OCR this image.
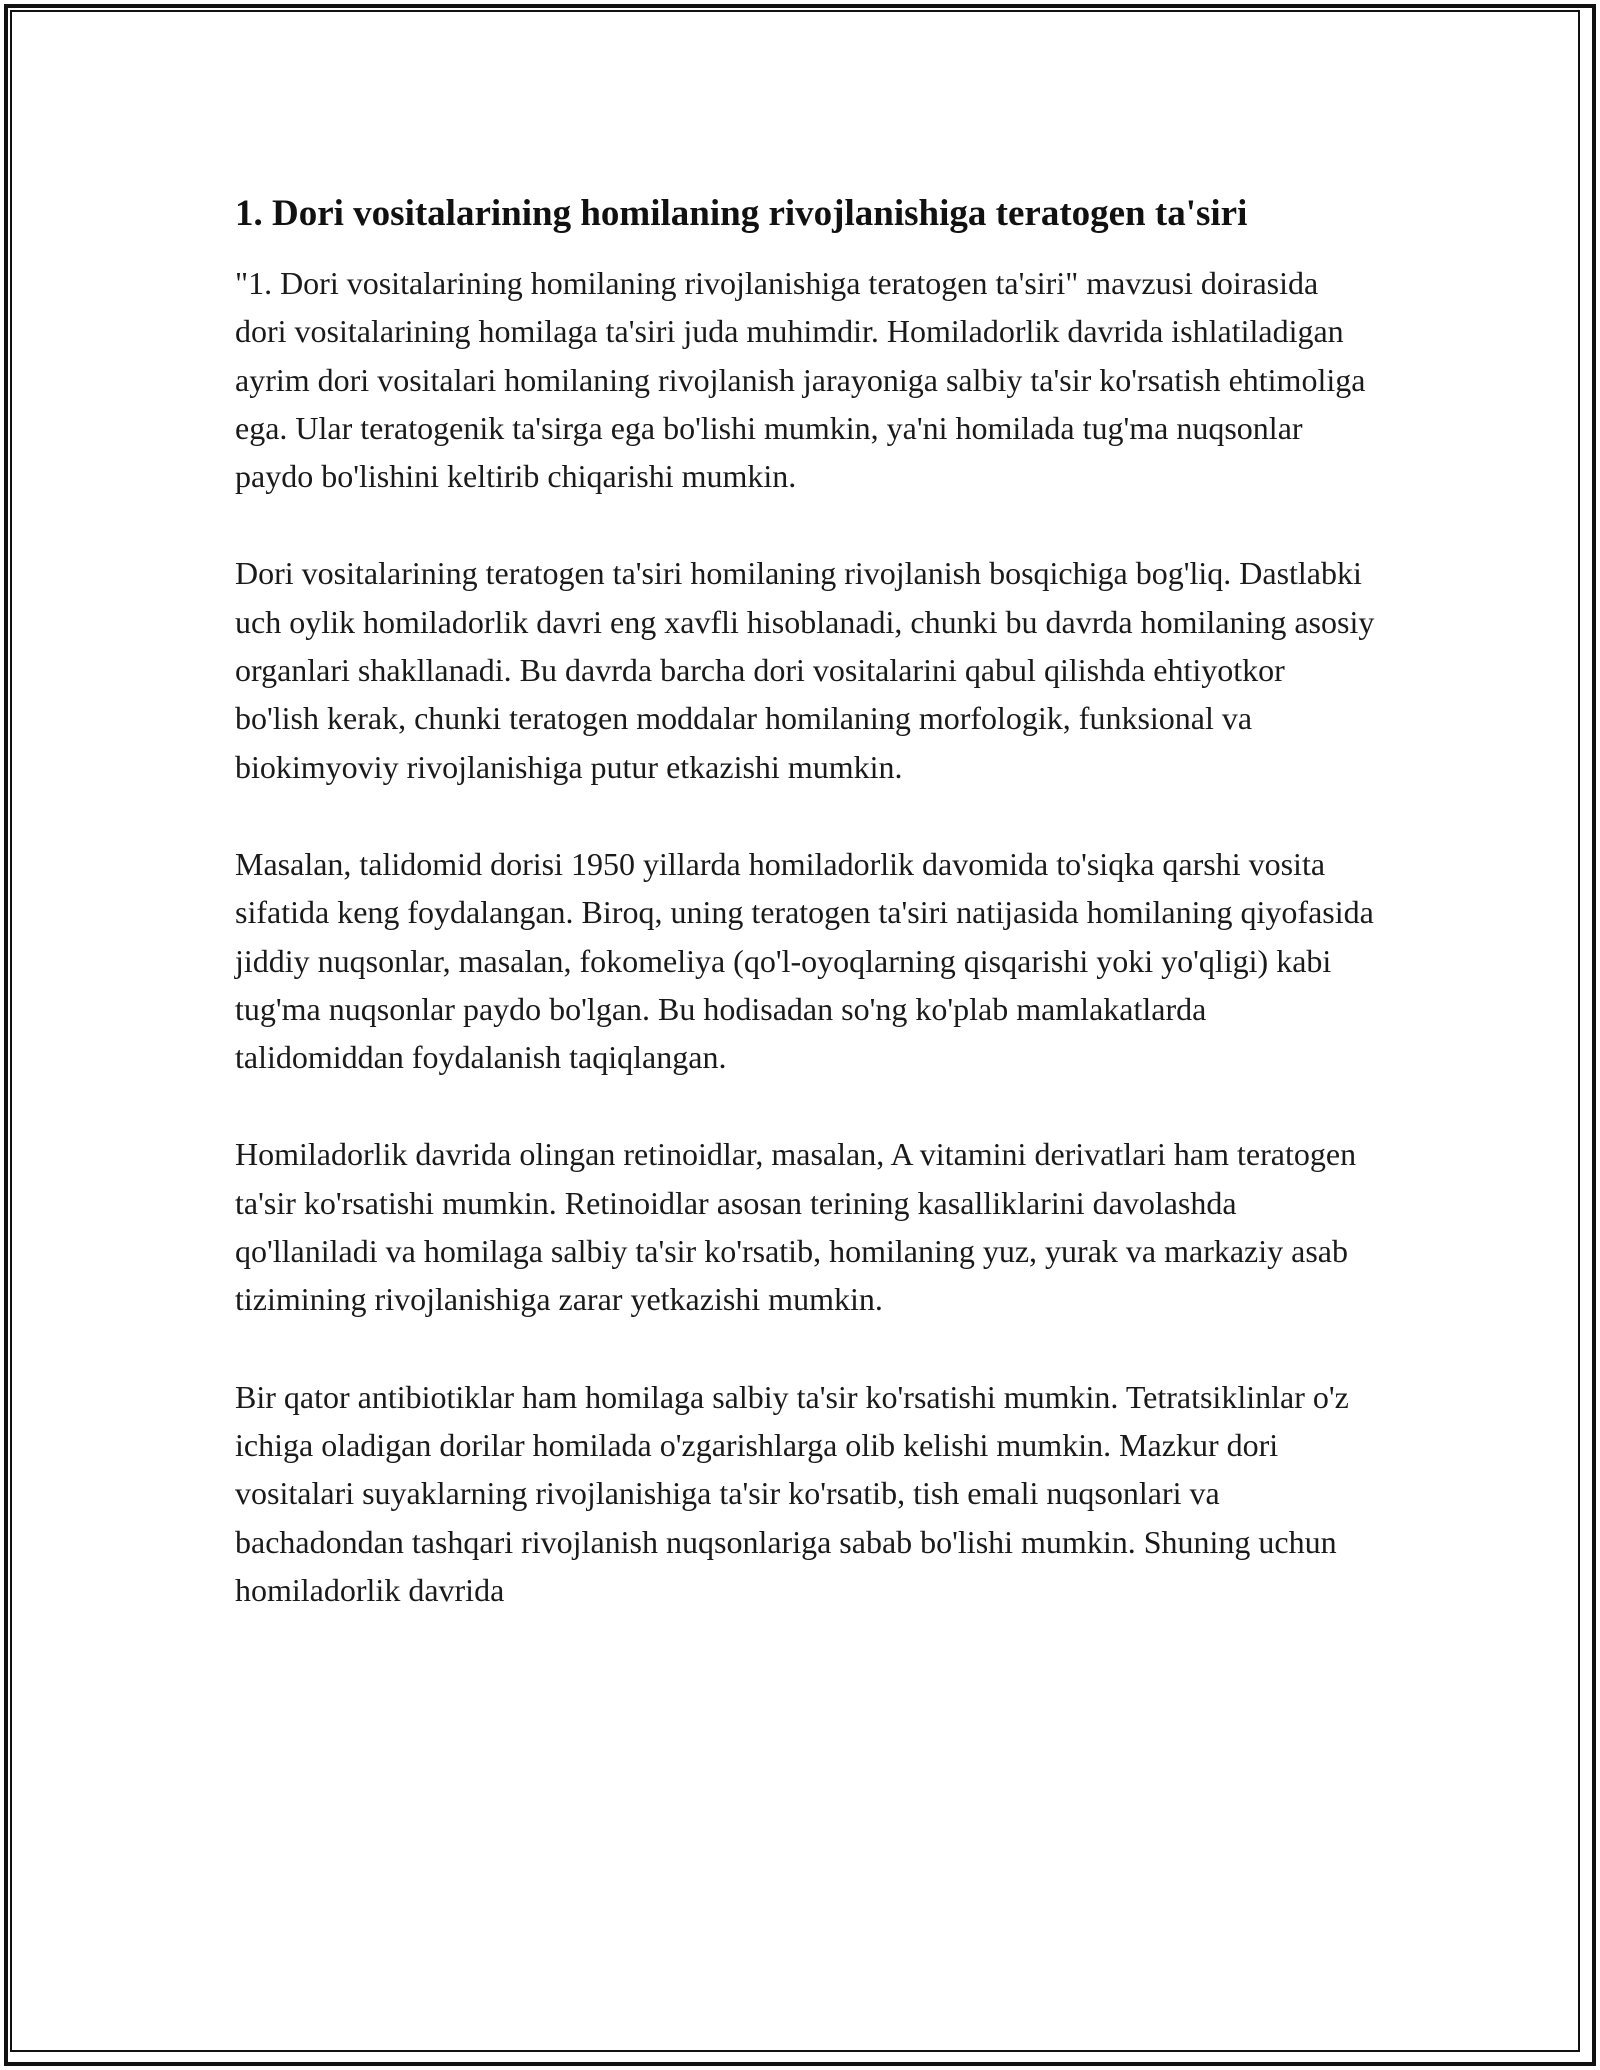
1. Dori vositalarining homilaning rivojlanishiga teratogen ta'siri

"1. Dori vositalarining homilaning rivojlanishiga teratogen ta'siri" mavzusi doirasida dori vositalarining homilaga ta'siri juda muhimdir. Homiladorlik davrida ishlatiladigan ayrim dori vositalari homilaning rivojlanish jarayoniga salbiy ta'sir ko'rsatish ehtimoliga ega. Ular teratogenik ta'sirga ega bo'lishi mumkin, ya'ni homilada tug'ma nuqsonlar paydo bo'lishini keltirib chiqarishi mumkin.

Dori vositalarining teratogen ta'siri homilaning rivojlanish bosqichiga bog'liq. Dastlabki uch oylik homiladorlik davri eng xavfli hisoblanadi, chunki bu davrda homilaning asosiy organlari shakllanadi. Bu davrda barcha dori vositalarini qabul qilishda ehtiyotkor bo'lish kerak, chunki teratogen moddalar homilaning morfologik, funksional va biokimyoviy rivojlanishiga putur etkazishi mumkin.

Masalan, talidomid dorisi 1950 yillarda homiladorlik davomida to'siqka qarshi vosita sifatida keng foydalangan. Biroq, uning teratogen ta'siri natijasida homilaning qiyofasida jiddiy nuqsonlar, masalan, fokomeliya (qo'l-oyoqlarning qisqarishi yoki yo'qligi) kabi tug'ma nuqsonlar paydo bo'lgan. Bu hodisadan so'ng ko'plab mamlakatlarda talidomiddan foydalanish taqiqlangan.

Homiladorlik davrida olingan retinoidlar, masalan, A vitamini derivatlari ham teratogen ta'sir ko'rsatishi mumkin. Retinoidlar asosan terining kasalliklarini davolashda qo'llaniladi va homilaga salbiy ta'sir ko'rsatib, homilaning yuz, yurak va markaziy asab tizimining rivojlanishiga zarar yetkazishi mumkin.

Bir qator antibiotiklar ham homilaga salbiy ta'sir ko'rsatishi mumkin. Tetratsiklinlar o'z ichiga oladigan dorilar homilada o'zgarishlarga olib kelishi mumkin. Mazkur dori vositalari suyaklarning rivojlanishiga ta'sir ko'rsatib, tish emali nuqsonlari va bachadondan tashqari rivojlanish nuqsonlariga sabab bo'lishi mumkin. Shuning uchun homiladorlik davrida
